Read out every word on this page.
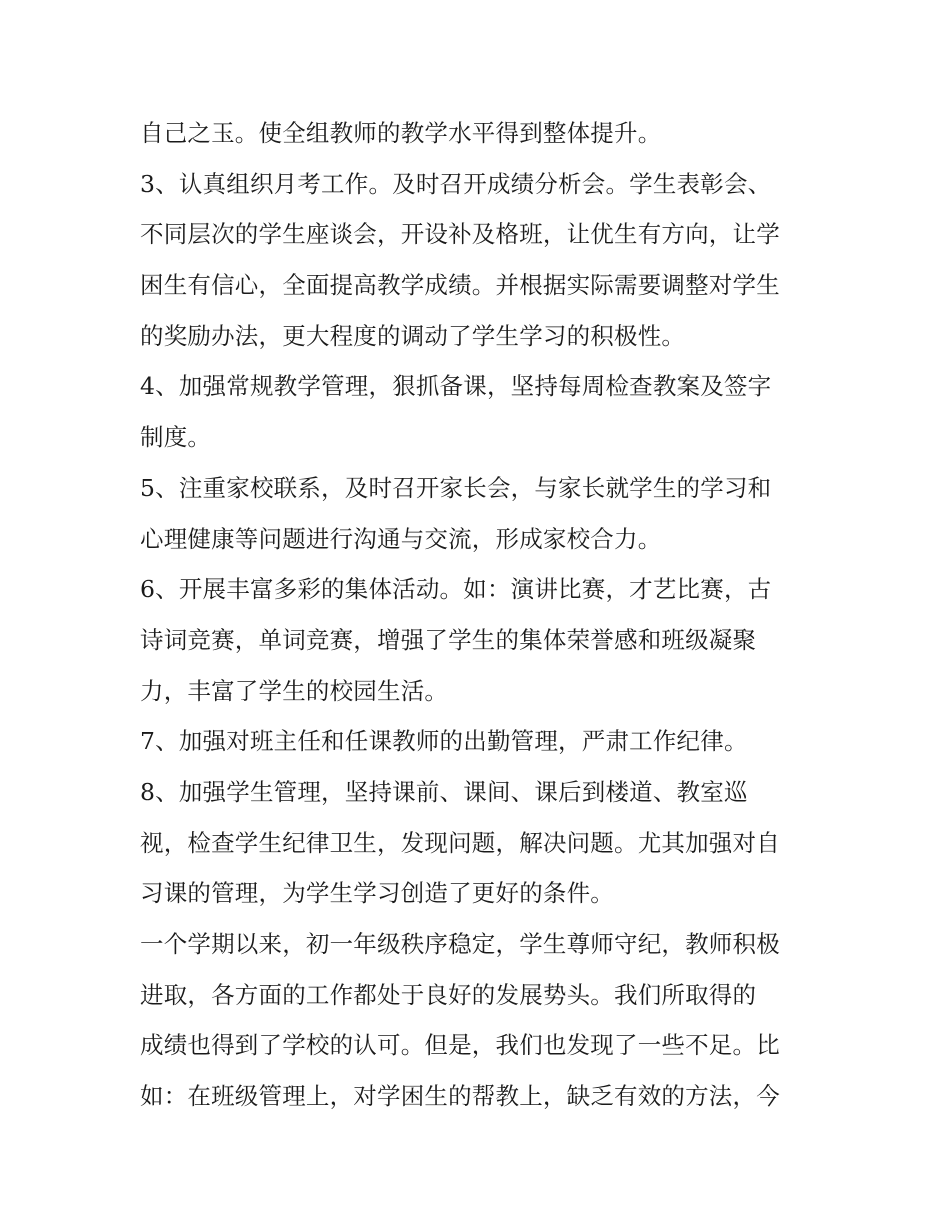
自己之玉。使全组教师的教学水平得到整体提升。
3、认真组织月考工作。及时召开成绩分析会。学生表彰会、
不同层次的学生座谈会，开设补及格班，让优生有方向，让学
困生有信心，全面提高教学成绩。并根据实际需要调整对学生
的奖励办法，更大程度的调动了学生学习的积极性。
4、加强常规教学管理，狠抓备课，坚持每周检查教案及签字
制度。
5、注重家校联系，及时召开家长会，与家长就学生的学习和
心理健康等问题进行沟通与交流，形成家校合力。
6、开展丰富多彩的集体活动。如：演讲比赛，才艺比赛，古
诗词竞赛，单词竞赛，增强了学生的集体荣誉感和班级凝聚
力，丰富了学生的校园生活。
7、加强对班主任和任课教师的出勤管理，严肃工作纪律。
8、加强学生管理，坚持课前、课间、课后到楼道、教室巡
视，检查学生纪律卫生，发现问题，解决问题。尤其加强对自
习课的管理，为学生学习创造了更好的条件。
一个学期以来，初一年级秩序稳定，学生尊师守纪，教师积极
进取，各方面的工作都处于良好的发展势头。我们所取得的
成绩也得到了学校的认可。但是，我们也发现了一些不足。比
如：在班级管理上，对学困生的帮教上，缺乏有效的方法，今
